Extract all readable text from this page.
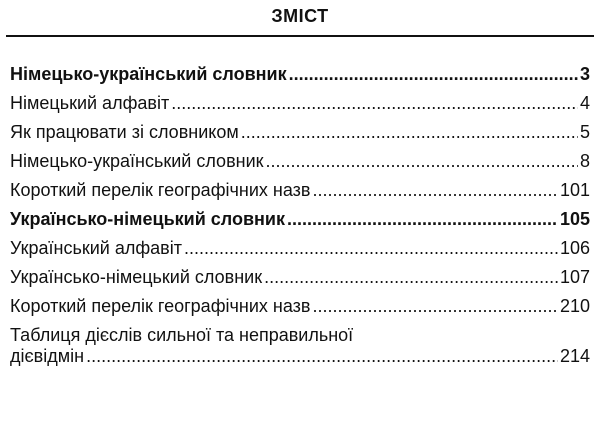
ЗМІСТ
Німецько-український словник .....	3
Німецький алфавіт .....	4
Як працювати зі словником .....	5
Німецько-український словник .....	8
Короткий перелік географічних назв .....	101
Українсько-німецький словник .....	105
Український алфавіт .....	106
Українсько-німецький словник .....	107
Короткий перелік географічних назв .....	210
Таблиця дієслів сильної та неправильної
дієвідмін .....	214
